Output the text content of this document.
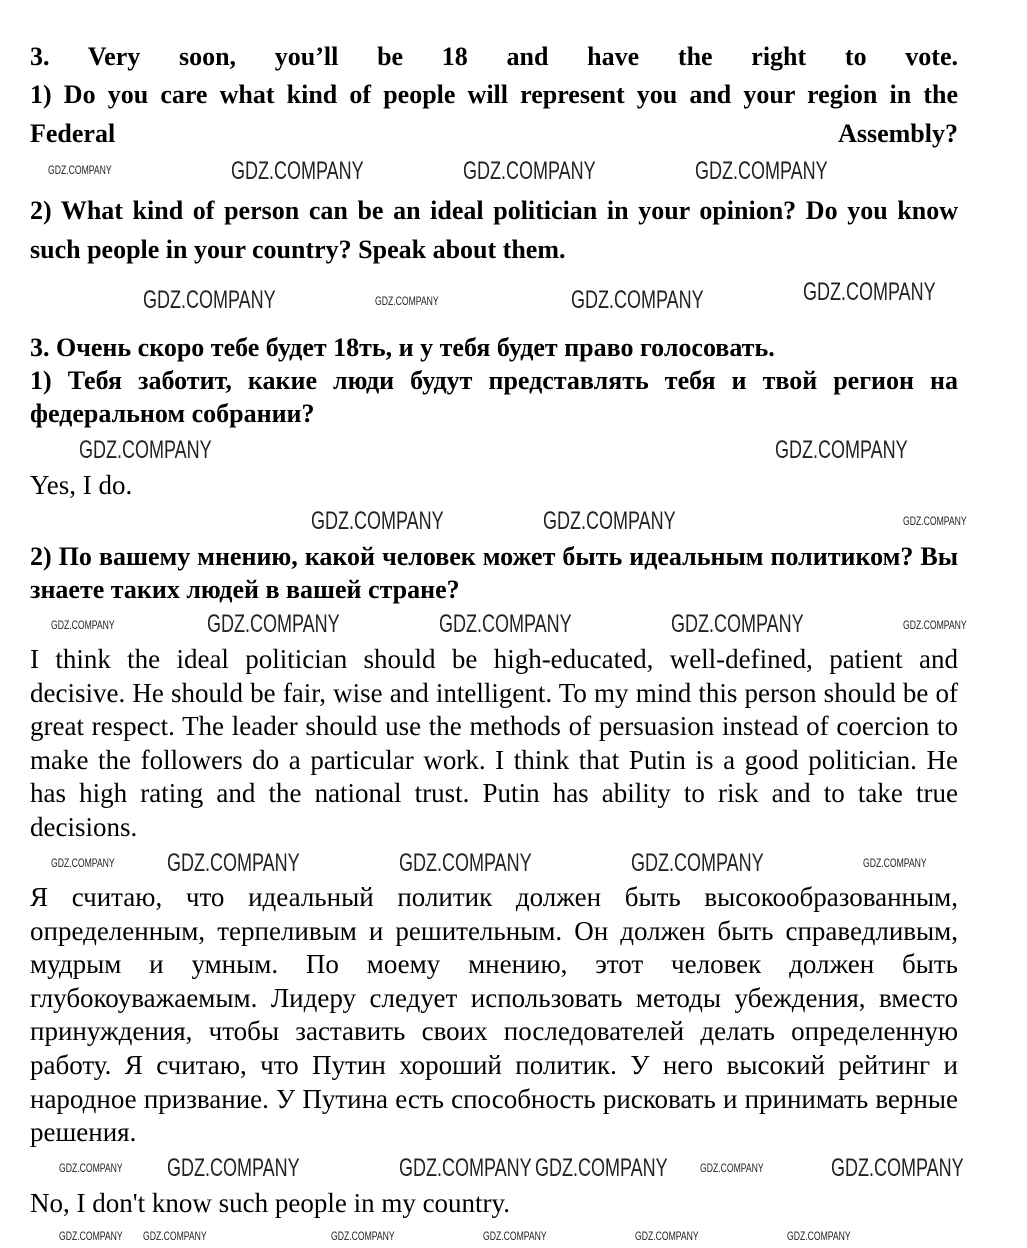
3. Very soon, you’ll be 18 and have the right to vote.

1) Do you care what kind of people will represent you and your region in the Federal Assembly?

2) What kind of person can be an ideal politician in your opinion? Do you know such people in your country? Speak about them.

3. Очень скоро тебе будет 18ть, и у тебя будет право голосовать.

1) Тебя заботит, какие люди будут представлять тебя и твой регион на федеральном собрании?

Yes, I do.

2) По вашему мнению, какой человек может быть идеальным политиком? Вы знаете таких людей в вашей стране?

I think the ideal politician should be high-educated, well-defined, patient and decisive. He should be fair, wise and intelligent. To my mind this person should be of great respect. The leader should use the methods of persuasion instead of coercion to make the followers do a particular work. I think that Putin is a good politician. He has high rating and the national trust. Putin has ability to risk and to take true decisions.

Я считаю, что идеальный политик должен быть высокообразованным, определенным, терпеливым и решительным. Он должен быть справедливым, мудрым и умным. По моему мнению, этот человек должен быть глубокоуважаемым. Лидеру следует использовать методы убеждения, вместо принуждения, чтобы заставить своих последователей делать определенную работу. Я считаю, что Путин хороший политик. У него высокий рейтинг и народное призвание. У Путина есть способность рисковать и принимать верные решения.

No, I don't know such people in my country.

GDZ.COMPANY	GDZ.COMPANY	GDZ.COMPANY	GDZ.COMPANY
GDZ.COMPANY	GDZ.COMPANY	GDZ.COMPANY	GDZ.COMPANY
GDZ.COMPANY	GDZ.COMPANY
GDZ.COMPANY	GDZ.COMPANY	GDZ.COMPANY
GDZ.COMPANY	GDZ.COMPANY	GDZ.COMPANY	GDZ.COMPANY	GDZ.COMPANY
GDZ.COMPANY GDZ.COMPANY	GDZ.COMPANY	GDZ.COMPANY	GDZ.COMPANY
GDZ.COMPANY GDZ.COMPANY	GDZ.COMPANY GDZ.COMPANY	GDZ.COMPANY	GDZ.COMPANY
GDZ.COMPANY GDZ.COMPANY	GDZ.COMPANY	GDZ.COMPANY	GDZ.COMPANY	GDZ.COMPANY
